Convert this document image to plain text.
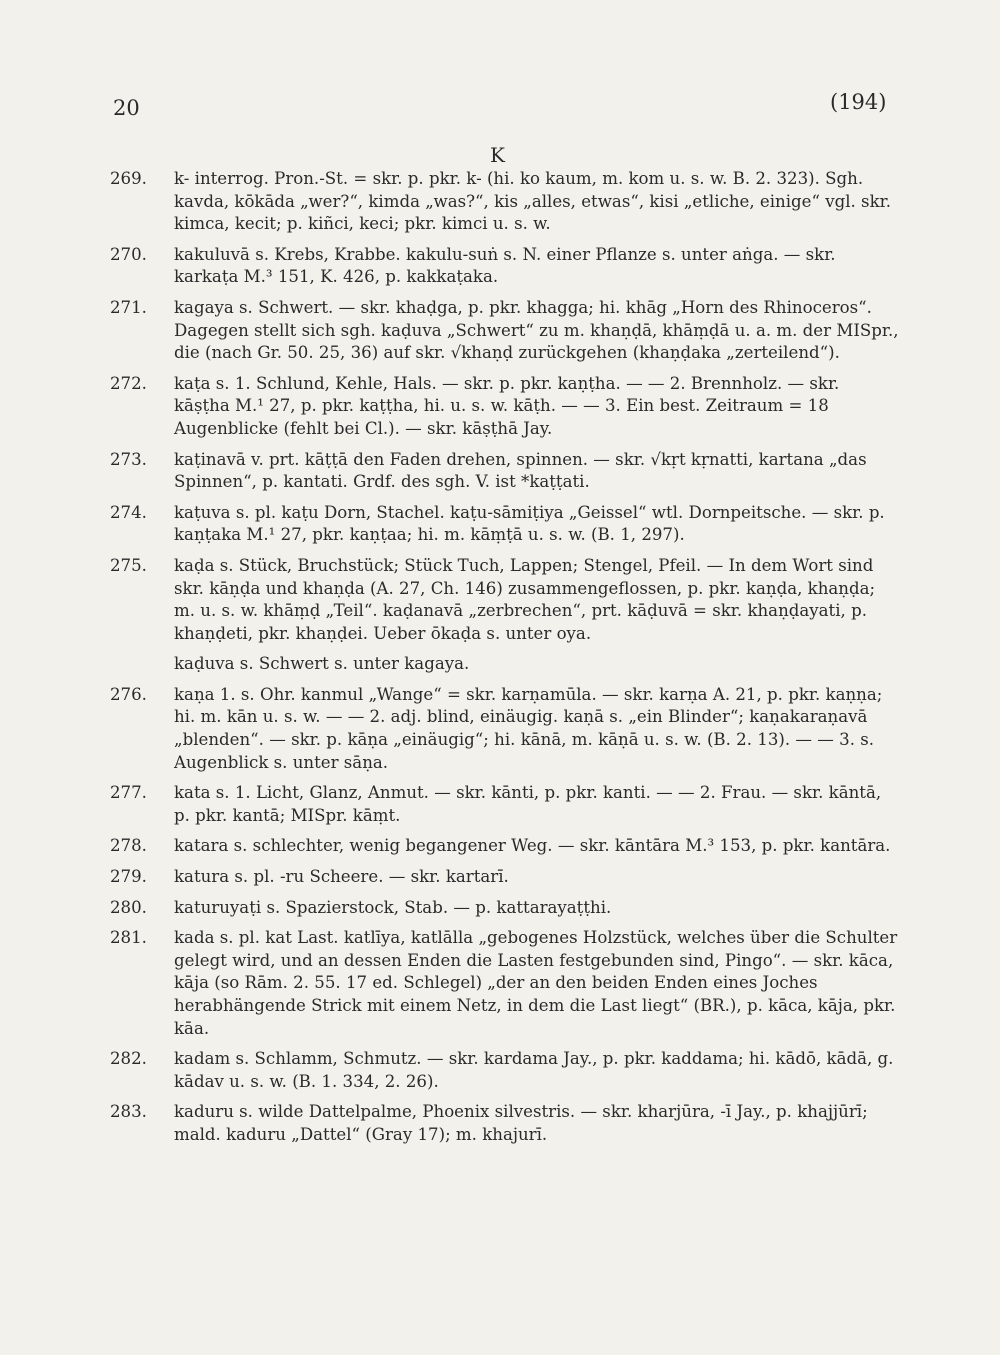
20	(194)
K
269. k- interrog. Pron.-St. = skr. p. pkr. k- (hi. ko kaum, m. kom u. s. w. B. 2. 323). Sgh. kavda, kōkāda „wer?“, kimda „was?“, kis „alles, etwas“, kisi „etliche, einige“ vgl. skr. kimca, kecit; p. kiñci, keci; pkr. kimci u. s. w.
270. kakuluvā s. Krebs, Krabbe. kakulu-suṅ s. N. einer Pflanze s. unter aṅga. — skr. karkaṭa M.³ 151, K. 426, p. kakkaṭaka.
271. kagaya s. Schwert. — skr. khaḍga, p. pkr. khagga; hi. khāg „Horn des Rhinoceros“. Dagegen stellt sich sgh. kaḍuva „Schwert“ zu m. khaṇḍā, khāṃḍā u. a. m. der MISpr., die (nach Gr. 50. 25, 36) auf skr. √khaṇḍ zurückgehen (khaṇḍaka „zerteilend“).
272. kaṭa s. 1. Schlund, Kehle, Hals. — skr. p. pkr. kaṇṭha. — — 2. Brennholz. — skr. kāṣṭha M.¹ 27, p. pkr. kaṭṭha, hi. u. s. w. kāṭh. — — 3. Ein best. Zeitraum = 18 Augenblicke (fehlt bei Cl.). — skr. kāṣṭhā Jay.
273. kaṭinavā v. prt. kāṭṭā den Faden drehen, spinnen. — skr. √kṛt kṛnatti, kartana „das Spinnen“, p. kantati. Grdf. des sgh. V. ist *kaṭṭati.
274. kaṭuva s. pl. kaṭu Dorn, Stachel. kaṭu-sāmiṭiya „Geissel“ wtl. Dornpeitsche. — skr. p. kaṇṭaka M.¹ 27, pkr. kaṇṭaa; hi. m. kāṃṭā u. s. w. (B. 1, 297).
275. kaḍa s. Stück, Bruchstück; Stück Tuch, Lappen; Stengel, Pfeil. — In dem Wort sind skr. kāṇḍa und khaṇḍa (A. 27, Ch. 146) zusammengeflossen, p. pkr. kaṇḍa, khaṇḍa; m. u. s. w. khāṃḍ „Teil“. kaḍanavā „zerbrechen“, prt. kāḍuvā = skr. khaṇḍayati, p. khaṇḍeti, pkr. khaṇḍei. Ueber ōkaḍa s. unter oya.
kaḍuva s. Schwert s. unter kagaya.
276. kaṇa 1. s. Ohr. kanmul „Wange“ = skr. karṇamūla. — skr. karṇa A. 21, p. pkr. kaṇṇa; hi. m. kān u. s. w. — — 2. adj. blind, einäugig. kaṇā s. „ein Blinder“; kaṇakaraṇavā „blenden“. — skr. p. kāṇa „einäugig“; hi. kānā, m. kāṇā u. s. w. (B. 2. 13). — — 3. s. Augenblick s. unter sāṇa.
277. kata s. 1. Licht, Glanz, Anmut. — skr. kānti, p. pkr. kanti. — — 2. Frau. — skr. kāntā, p. pkr. kantā; MISpr. kāṃt.
278. katara s. schlechter, wenig begangener Weg. — skr. kāntāra M.³ 153, p. pkr. kantāra.
279. katura s. pl. -ru Scheere. — skr. kartarī.
280. katuruyaṭi s. Spazierstock, Stab. — p. kattarayaṭṭhi.
281. kada s. pl. kat Last. katlīya, katlālla „gebogenes Holzstück, welches über die Schulter gelegt wird, und an dessen Enden die Lasten festgebunden sind, Pingo“. — skr. kāca, kāja (so Rām. 2. 55. 17 ed. Schlegel) „der an den beiden Enden eines Joches herabhängende Strick mit einem Netz, in dem die Last liegt“ (BR.), p. kāca, kāja, pkr. kāa.
282. kadam s. Schlamm, Schmutz. — skr. kardama Jay., p. pkr. kaddama; hi. kādō, kādā, g. kādav u. s. w. (B. 1. 334, 2. 26).
283. kaduru s. wilde Dattelpalme, Phoenix silvestris. — skr. kharjūra, -ī Jay., p. khajjūrī; mald. kaduru „Dattel“ (Gray 17); m. khajurī.
